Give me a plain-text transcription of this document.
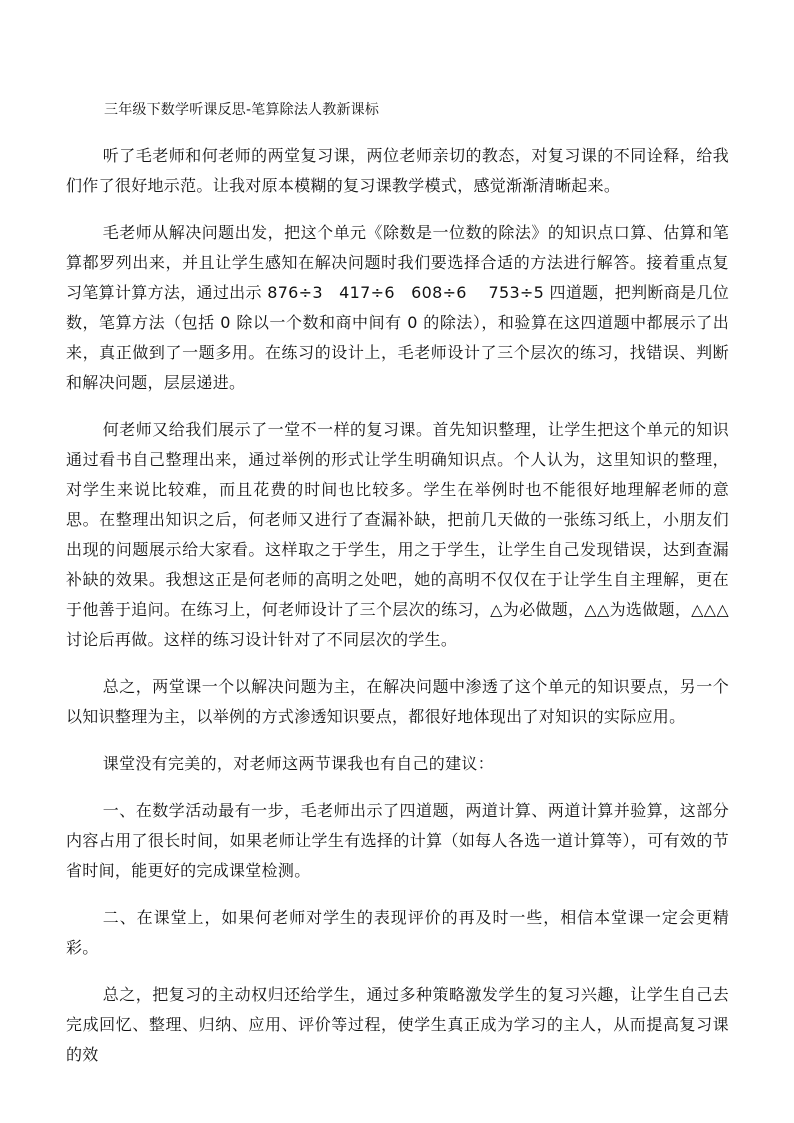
三年级下数学听课反思-笔算除法人教新课标

听了毛老师和何老师的两堂复习课，两位老师亲切的教态，对复习课的不同诠释，给我们作了很好地示范。让我对原本模糊的复习课教学模式，感觉渐渐清晰起来。

毛老师从解决问题出发，把这个单元《除数是一位数的除法》的知识点口算、估算和笔算都罗列出来，并且让学生感知在解决问题时我们要选择合适的方法进行解答。接着重点复习笔算计算方法，通过出示 876÷3　417÷6　608÷6　 753÷5 四道题，把判断商是几位数，笔算方法（包括 0 除以一个数和商中间有 0 的除法），和验算在这四道题中都展示了出来，真正做到了一题多用。在练习的设计上，毛老师设计了三个层次的练习，找错误、判断和解决问题，层层递进。

何老师又给我们展示了一堂不一样的复习课。首先知识整理，让学生把这个单元的知识通过看书自己整理出来，通过举例的形式让学生明确知识点。个人认为，这里知识的整理，对学生来说比较难，而且花费的时间也比较多。学生在举例时也不能很好地理解老师的意思。在整理出知识之后，何老师又进行了查漏补缺，把前几天做的一张练习纸上，小朋友们出现的问题展示给大家看。这样取之于学生，用之于学生，让学生自己发现错误，达到查漏补缺的效果。我想这正是何老师的高明之处吧，她的高明不仅仅在于让学生自主理解，更在于他善于追问。在练习上，何老师设计了三个层次的练习，△为必做题，△△为选做题，△△△讨论后再做。这样的练习设计针对了不同层次的学生。

总之，两堂课一个以解决问题为主，在解决问题中渗透了这个单元的知识要点，另一个以知识整理为主，以举例的方式渗透知识要点，都很好地体现出了对知识的实际应用。

课堂没有完美的，对老师这两节课我也有自己的建议：

一、在数学活动最有一步，毛老师出示了四道题，两道计算、两道计算并验算，这部分内容占用了很长时间，如果老师让学生有选择的计算（如每人各选一道计算等），可有效的节省时间，能更好的完成课堂检测。

二、在课堂上，如果何老师对学生的表现评价的再及时一些，相信本堂课一定会更精彩。

总之，把复习的主动权归还给学生，通过多种策略激发学生的复习兴趣，让学生自己去完成回忆、整理、归纳、应用、评价等过程，使学生真正成为学习的主人，从而提高复习课的效
